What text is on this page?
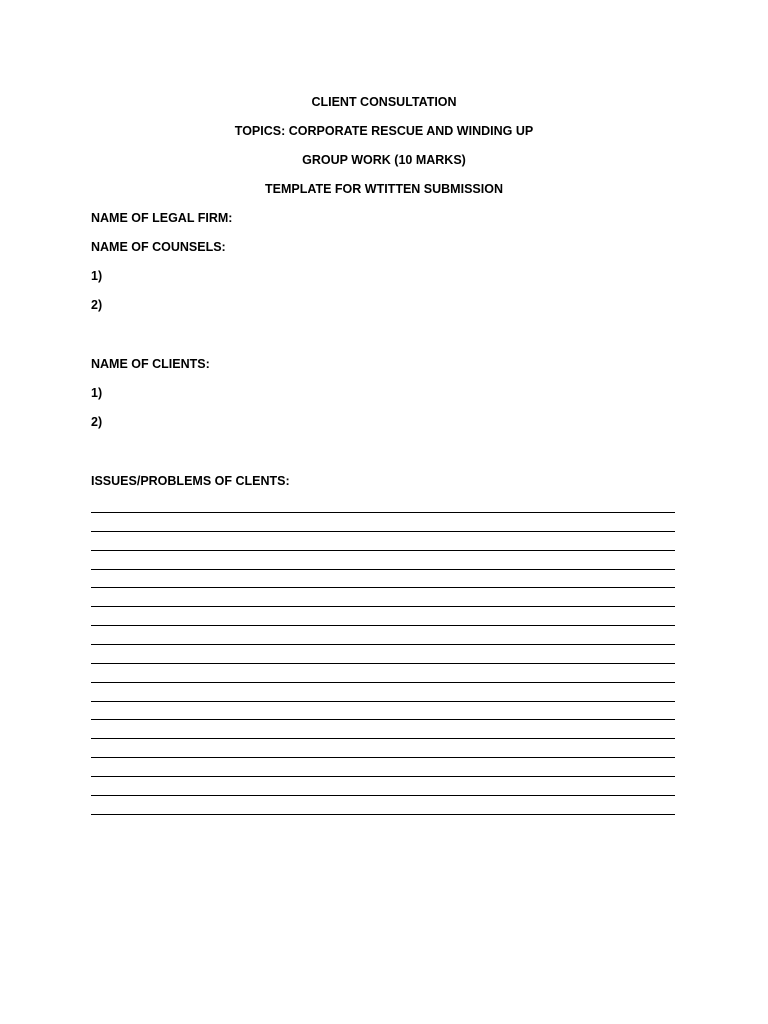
CLIENT CONSULTATION
TOPICS: CORPORATE RESCUE AND WINDING UP
GROUP WORK (10 MARKS)
TEMPLATE FOR WTITTEN SUBMISSION
NAME OF LEGAL FIRM:
NAME OF COUNSELS:
1)
2)
NAME OF CLIENTS:
1)
2)
ISSUES/PROBLEMS OF CLENTS:
